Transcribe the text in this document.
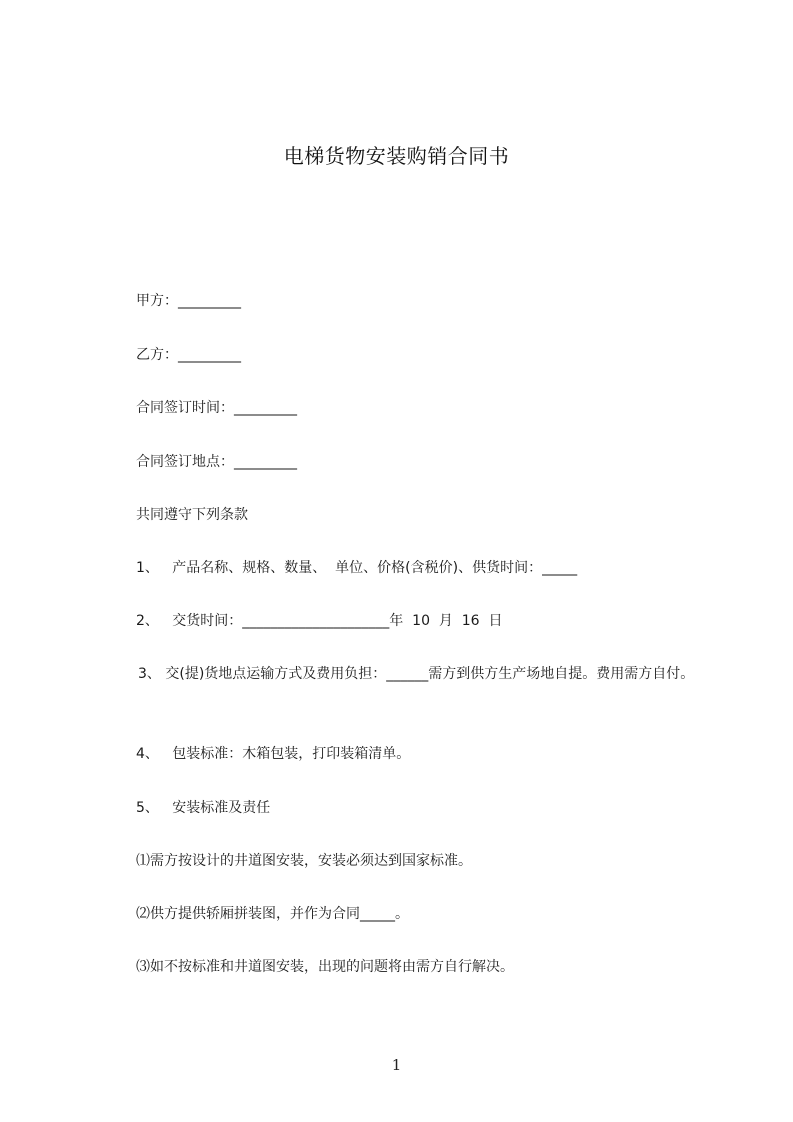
电梯货物安装购销合同书
甲方：_________
乙方：_________
合同签订时间：_________
合同签订地点：_________
共同遵守下列条款
1、   产品名称、规格、数量、  单位、价格(含税价)、供货时间：_____
2、   交货时间：_____________________年  10  月  16  日
3、 交(提)货地点运输方式及费用负担：______需方到供方生产场地自提。费用需方自付。
4、   包装标准：木箱包装，打印装箱清单。
5、   安装标准及责任
⑴需方按设计的井道图安装，安装必须达到国家标准。
⑵供方提供轿厢拼装图，并作为合同_____。
⑶如不按标准和井道图安装，出现的问题将由需方自行解决。
1
